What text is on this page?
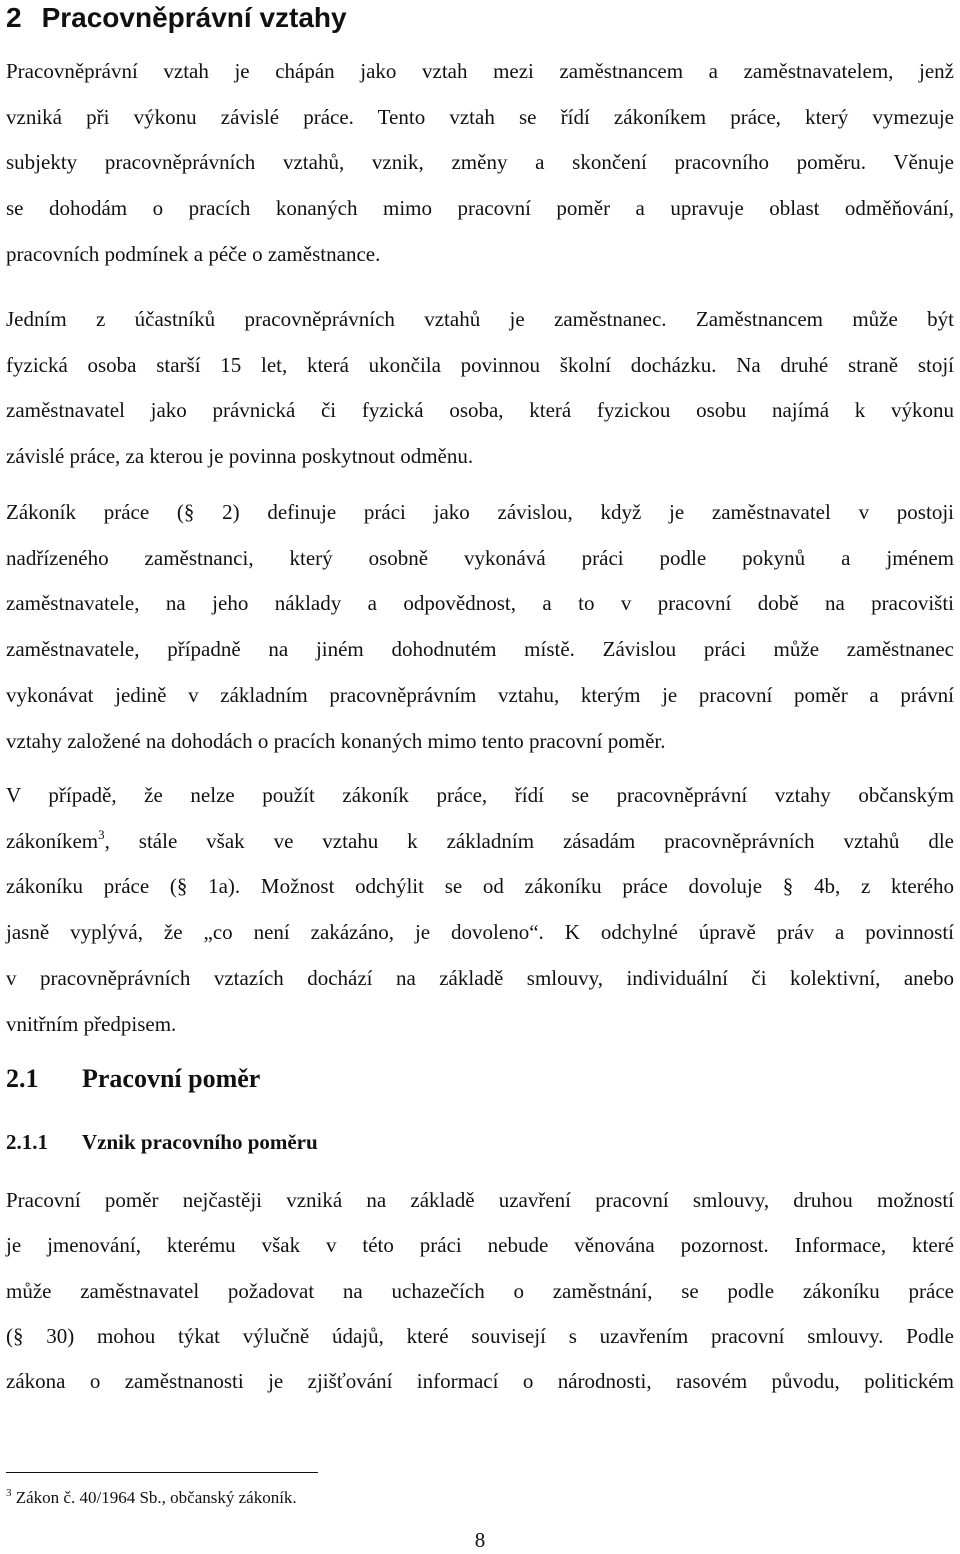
2 Pracovněprávní vztahy

Pracovněprávní vztah je chápán jako vztah mezi zaměstnancem a zaměstnavatelem, jenž
vzniká při výkonu závislé práce. Tento vztah se řídí zákoníkem práce, který vymezuje
subjekty pracovněprávních vztahů, vznik, změny a skončení pracovního poměru. Věnuje
se dohodám o pracích konaných mimo pracovní poměr a upravuje oblast odměňování,
pracovních podmínek a péče o zaměstnance.

Jedním z účastníků pracovněprávních vztahů je zaměstnanec. Zaměstnancem může být
fyzická osoba starší 15 let, která ukončila povinnou školní docházku. Na druhé straně stojí
zaměstnavatel jako právnická či fyzická osoba, která fyzickou osobu najímá k výkonu
závislé práce, za kterou je povinna poskytnout odměnu.

Zákoník práce (§ 2) definuje práci jako závislou, když je zaměstnavatel v postoji
nadřízeného zaměstnanci, který osobně vykonává práci podle pokynů a jménem
zaměstnavatele, na jeho náklady a odpovědnost, a to v pracovní době na pracovišti
zaměstnavatele, případně na jiném dohodnutém místě. Závislou práci může zaměstnanec
vykonávat jedině v základním pracovněprávním vztahu, kterým je pracovní poměr a právní
vztahy založené na dohodách o pracích konaných mimo tento pracovní poměr.

V případě, že nelze použít zákoník práce, řídí se pracovněprávní vztahy občanským
zákoníkem$^3$, stále však ve vztahu k základním zásadám pracovněprávních vztahů dle
zákoníku práce (§ 1a). Možnost odchýlit se od zákoníku práce dovoluje § 4b, z kterého
jasně vyplývá, že „co není zakázáno, je dovoleno“. K odchylné úpravě práv a povinností
v pracovněprávních vztazích dochází na základě smlouvy, individuální či kolektivní, anebo
vnitřním předpisem.

2.1 Pracovní poměr
2.1.1 Vznik pracovního poměru

Pracovní poměr nejčastěji vzniká na základě uzavření pracovní smlouvy, druhou možností
je jmenování, kterému však v této práci nebude věnována pozornost. Informace, které
může zaměstnavatel požadovat na uchazečích o zaměstnání, se podle zákoníku práce
(§ 30) mohou týkat výlučně údajů, které souvisejí s uzavřením pracovní smlouvy. Podle
zákona o zaměstnanosti je zjišťování informací o národnosti, rasovém původu, politickém

$^3$ Zákon č. 40/1964 Sb., občanský zákoník.

8
